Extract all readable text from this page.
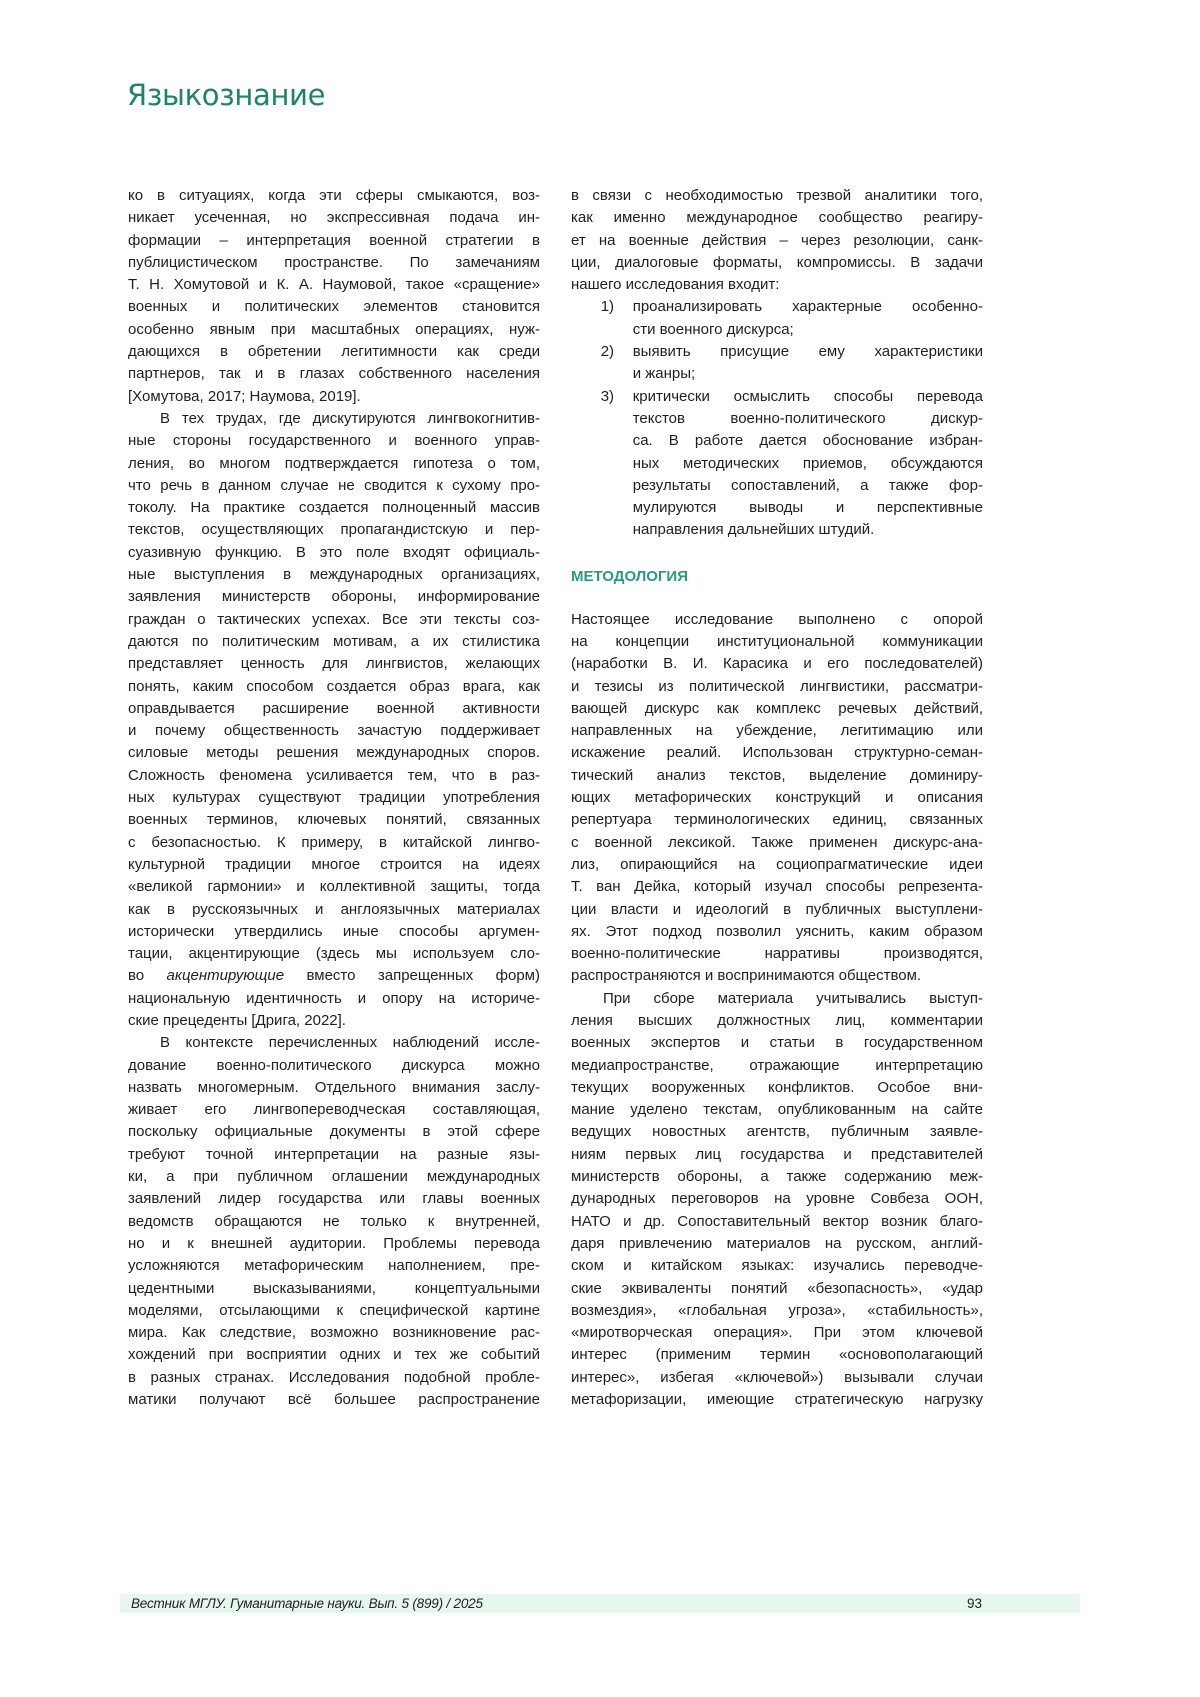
Языкознание
ко в ситуациях, когда эти сферы смыкаются, воз-
никает усеченная, но экспрессивная подача ин-
формации – интерпретация военной стратегии в
публицистическом пространстве. По замечаниям
Т. Н. Хомутовой и К. А. Наумовой, такое «сращение»
военных и политических элементов становится
особенно явным при масштабных операциях, нуж-
дающихся в обретении легитимности как среди
партнеров, так и в глазах собственного населения
[Хомутова, 2017; Наумова, 2019].
В тех трудах, где дискутируются лингвокогнитив-
ные стороны государственного и военного управ-
ления, во многом подтверждается гипотеза о том,
что речь в данном случае не сводится к сухому про-
токолу. На практике создается полноценный массив
текстов, осуществляющих пропагандистскую и пер-
суазивную функцию. В это поле входят официаль-
ные выступления в международных организациях,
заявления министерств обороны, информирование
граждан о тактических успехах. Все эти тексты соз-
даются по политическим мотивам, а их стилистика
представляет ценность для лингвистов, желающих
понять, каким способом создается образ врага, как
оправдывается расширение военной активности
и почему общественность зачастую поддерживает
силовые методы решения международных споров.
Сложность феномена усиливается тем, что в раз-
ных культурах существуют традиции употребления
военных терминов, ключевых понятий, связанных
с безопасностью. К примеру, в китайской лингво-
культурной традиции многое строится на идеях
«великой гармонии» и коллективной защиты, тогда
как в русскоязычных и англоязычных материалах
исторически утвердились иные способы аргумен-
тации, акцентирующие (здесь мы используем сло-
во акцентирующие вместо запрещенных форм)
национальную идентичность и опору на историче-
ские прецеденты [Дрига, 2022].
В контексте перечисленных наблюдений иссле-
дование военно-политического дискурса можно
назвать многомерным. Отдельного внимания заслу-
живает его лингвопереводческая составляющая,
поскольку официальные документы в этой сфере
требуют точной интерпретации на разные язы-
ки, а при публичном оглашении международных
заявлений лидер государства или главы военных
ведомств обращаются не только к внутренней,
но и к внешней аудитории. Проблемы перевода
усложняются метафорическим наполнением, пре-
цедентными высказываниями, концептуальными
моделями, отсылающими к специфической картине
мира. Как следствие, возможно возникновение рас-
хождений при восприятии одних и тех же событий
в разных странах. Исследования подобной пробле-
матики получают всё большее распространение
в связи с необходимостью трезвой аналитики того,
как именно международное сообщество реагиру-
ет на военные действия – через резолюции, санк-
ции, диалоговые форматы, компромиссы. В задачи
нашего исследования входит:
1)	проанализировать характерные особенно-
сти военного дискурса;
2)	выявить присущие ему характеристики
и жанры;
3)	критически осмыслить способы перевода
текстов военно-политического дискур-
са. В работе дается обоснование избран-
ных методических приемов, обсуждаются
результаты сопоставлений, а также фор-
мулируются выводы и перспективные
направления дальнейших штудий.
МЕТОДОЛОГИЯ
Настоящее исследование выполнено с опорой
на концепции институциональной коммуникации
(наработки В. И. Карасика и его последователей)
и тезисы из политической лингвистики, рассматри-
вающей дискурс как комплекс речевых действий,
направленных на убеждение, легитимацию или
искажение реалий. Использован структурно-семан-
тический анализ текстов, выделение доминиру-
ющих метафорических конструкций и описания
репертуара терминологических единиц, связанных
с военной лексикой. Также применен дискурс-ана-
лиз, опирающийся на социопрагматические идеи
Т. ван Дейка, который изучал способы репрезента-
ции власти и идеологий в публичных выступлени-
ях. Этот подход позволил уяснить, каким образом
военно-политические нарративы производятся,
распространяются и воспринимаются обществом.
При сборе материала учитывались выступ-
ления высших должностных лиц, комментарии
военных экспертов и статьи в государственном
медиапространстве, отражающие интерпретацию
текущих вооруженных конфликтов. Особое вни-
мание уделено текстам, опубликованным на сайте
ведущих новостных агентств, публичным заявле-
ниям первых лиц государства и представителей
министерств обороны, а также содержанию меж-
дународных переговоров на уровне Совбеза ООН,
НАТО и др. Сопоставительный вектор возник благо-
даря привлечению материалов на русском, англий-
ском и китайском языках: изучались переводче-
ские эквиваленты понятий «безопасность», «удар
возмездия», «глобальная угроза», «стабильность»,
«миротворческая операция». При этом ключевой
интерес (применим термин «основополагающий
интерес», избегая «ключевой») вызывали случаи
метафоризации, имеющие стратегическую нагрузку
Вестник МГЛУ. Гуманитарные науки. Вып. 5 (899) / 2025	93
